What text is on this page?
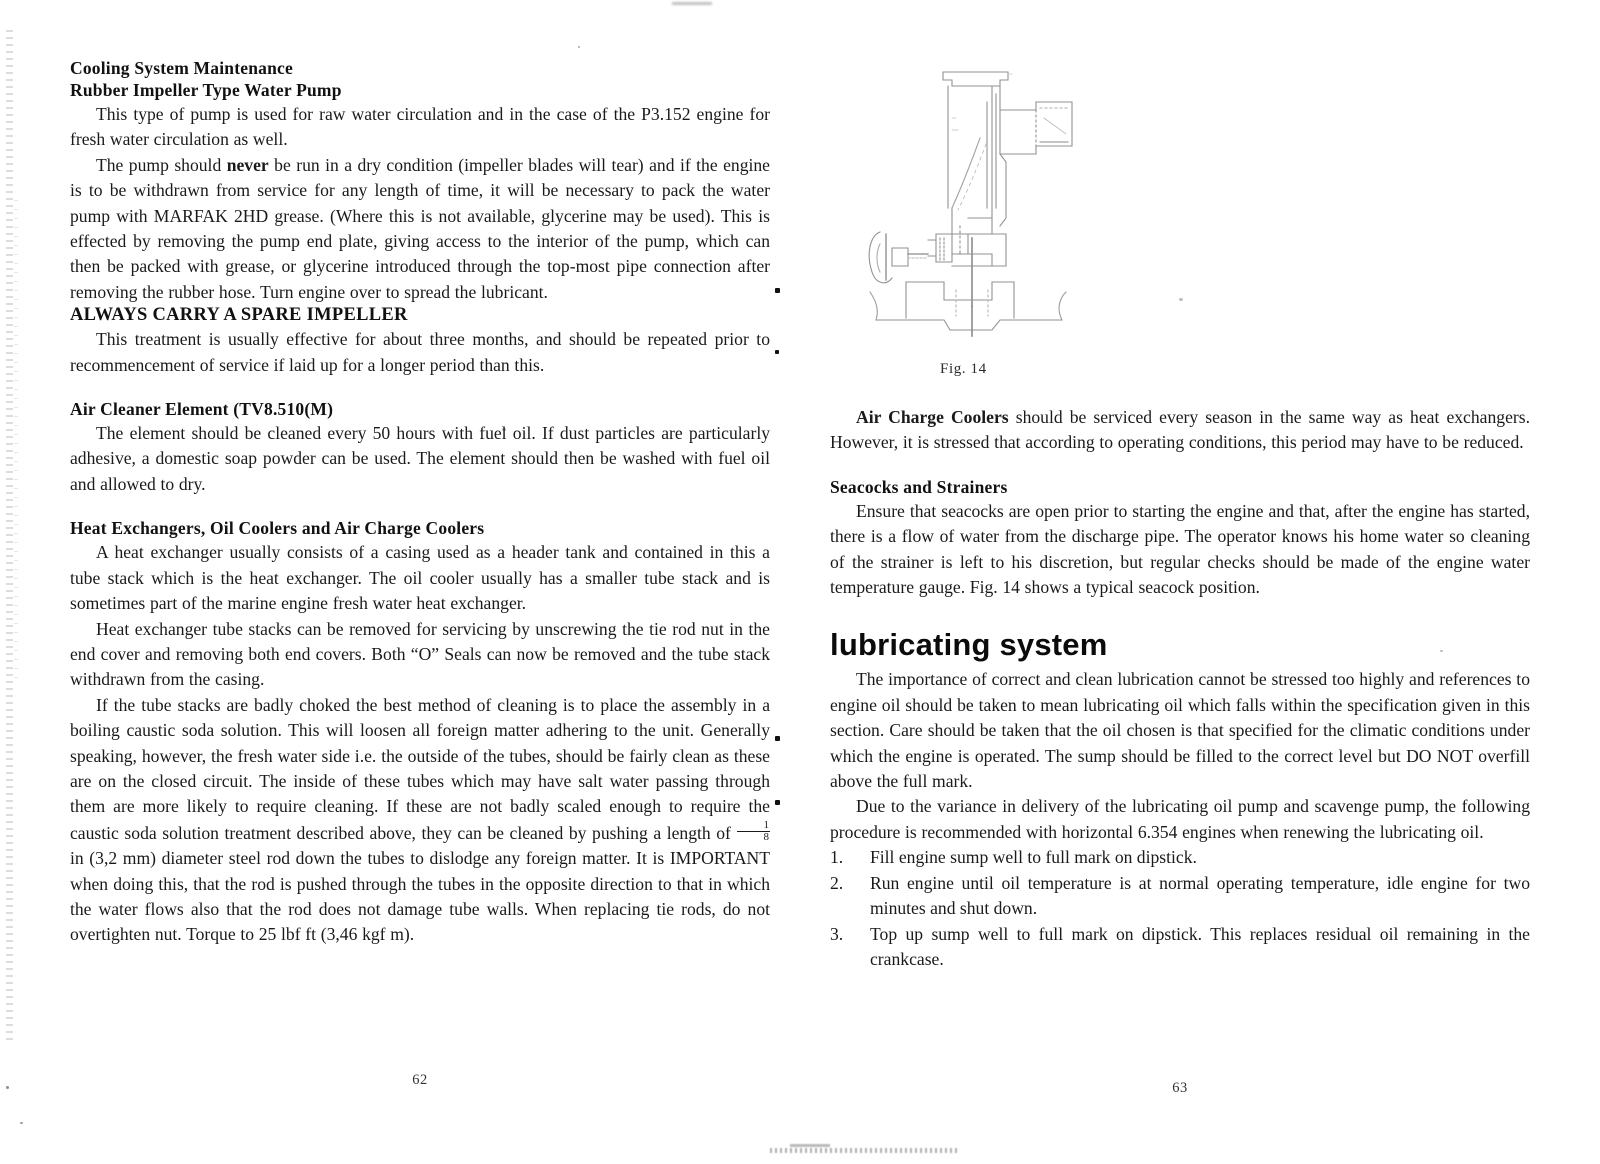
Cooling System Maintenance
Rubber Impeller Type Water Pump

This type of pump is used for raw water circulation and in the case of the P3.152 engine for fresh water circulation as well.

The pump should never be run in a dry condition (impeller blades will tear) and if the engine is to be withdrawn from service for any length of time, it will be necessary to pack the water pump with MARFAK 2HD grease. (Where this is not available, glycerine may be used). This is effected by removing the pump end plate, giving access to the interior of the pump, which can then be packed with grease, or glycerine introduced through the top-most pipe connection after removing the rubber hose. Turn engine over to spread the lubricant.

ALWAYS CARRY A SPARE IMPELLER

This treatment is usually effective for about three months, and should be repeated prior to recommencement of service if laid up for a longer period than this.

Air Cleaner Element (TV8.510(M)

The element should be cleaned every 50 hours with fuel oil. If dust particles are particularly adhesive, a domestic soap powder can be used. The element should then be washed with fuel oil and allowed to dry.

Heat Exchangers, Oil Coolers and Air Charge Coolers

A heat exchanger usually consists of a casing used as a header tank and contained in this a tube stack which is the heat exchanger. The oil cooler usually has a smaller tube stack and is sometimes part of the marine engine fresh water heat exchanger.

Heat exchanger tube stacks can be removed for servicing by unscrewing the tie rod nut in the end cover and removing both end covers. Both “O” Seals can now be removed and the tube stack withdrawn from the casing.

If the tube stacks are badly choked the best method of cleaning is to place the assembly in a boiling caustic soda solution. This will loosen all foreign matter adhering to the unit. Generally speaking, however, the fresh water side i.e. the outside of the tubes, should be fairly clean as these are on the closed circuit. The inside of these tubes which may have salt water passing through them are more likely to require cleaning. If these are not badly scaled enough to require the caustic soda solution treatment described above, they can be cleaned by pushing a length of $\frac{1}{8}$
in (3,2 mm) diameter steel rod down the tubes to dislodge any foreign matter. It is IMPORTANT when doing this, that the rod is pushed through the tubes in the opposite direction to that in which the water flows also that the rod does not damage tube walls. When replacing tie rods, do not overtighten nut. Torque to 25 lbf ft (3,46 kgf m).

62

Fig. 14

Air Charge Coolers should be serviced every season in the same way as heat exchangers. However, it is stressed that according to operating conditions, this period may have to be reduced.

Seacocks and Strainers

Ensure that seacocks are open prior to starting the engine and that, after the engine has started, there is a flow of water from the discharge pipe. The operator knows his home water so cleaning of the strainer is left to his discretion, but regular checks should be made of the engine water temperature gauge. Fig. 14 shows a typical seacock position.

lubricating system

The importance of correct and clean lubrication cannot be stressed too highly and references to engine oil should be taken to mean lubricating oil which falls within the specification given in this section. Care should be taken that the oil chosen is that specified for the climatic conditions under which the engine is operated. The sump should be filled to the correct level but DO NOT overfill above the full mark.

Due to the variance in delivery of the lubricating oil pump and scavenge pump, the following procedure is recommended with horizontal 6.354 engines when renewing the lubricating oil.

1.	Fill engine sump well to full mark on dipstick.
2.	Run engine until oil temperature is at normal operating temperature, idle engine for two minutes and shut down.
3.	Top up sump well to full mark on dipstick. This replaces residual oil remaining in the crankcase.
63
